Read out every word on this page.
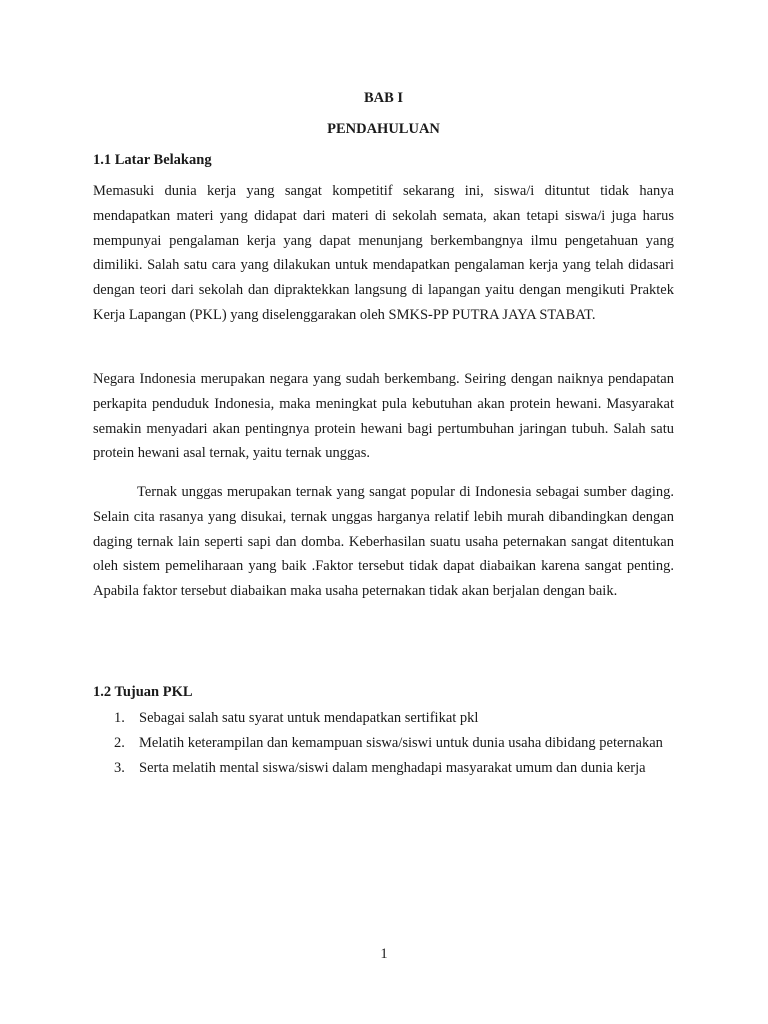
BAB I
PENDAHULUAN
1.1 Latar Belakang

Memasuki dunia kerja yang sangat kompetitif sekarang ini, siswa/i dituntut tidak hanya mendapatkan materi yang didapat dari materi di sekolah semata, akan tetapi siswa/i juga harus mempunyai pengalaman kerja yang dapat menunjang berkembangnya ilmu pengetahuan yang dimiliki. Salah satu cara yang dilakukan untuk mendapatkan pengalaman kerja yang telah didasari dengan teori dari sekolah dan dipraktekkan langsung di lapangan yaitu dengan mengikuti Praktek Kerja Lapangan (PKL) yang diselenggarakan oleh SMKS-PP PUTRA JAYA STABAT.

Negara Indonesia merupakan negara yang sudah berkembang. Seiring dengan naiknya pendapatan perkapita penduduk Indonesia, maka meningkat pula kebutuhan akan protein hewani. Masyarakat semakin menyadari akan pentingnya protein hewani bagi pertumbuhan jaringan tubuh. Salah satu protein hewani asal ternak, yaitu ternak unggas.

Ternak unggas merupakan ternak yang sangat popular di Indonesia sebagai sumber daging. Selain cita rasanya yang disukai, ternak unggas harganya relatif lebih murah dibandingkan dengan daging ternak lain seperti sapi dan domba. Keberhasilan suatu usaha peternakan sangat ditentukan oleh sistem pemeliharaan yang baik .Faktor tersebut tidak dapat diabaikan karena sangat penting. Apabila faktor tersebut diabaikan maka usaha peternakan tidak akan berjalan dengan baik.

1.2 Tujuan PKL
1. Sebagai salah satu syarat untuk mendapatkan sertifikat pkl
2. Melatih keterampilan dan kemampuan siswa/siswi untuk dunia usaha dibidang peternakan
3. Serta melatih mental siswa/siswi dalam menghadapi masyarakat umum dan dunia kerja
1
